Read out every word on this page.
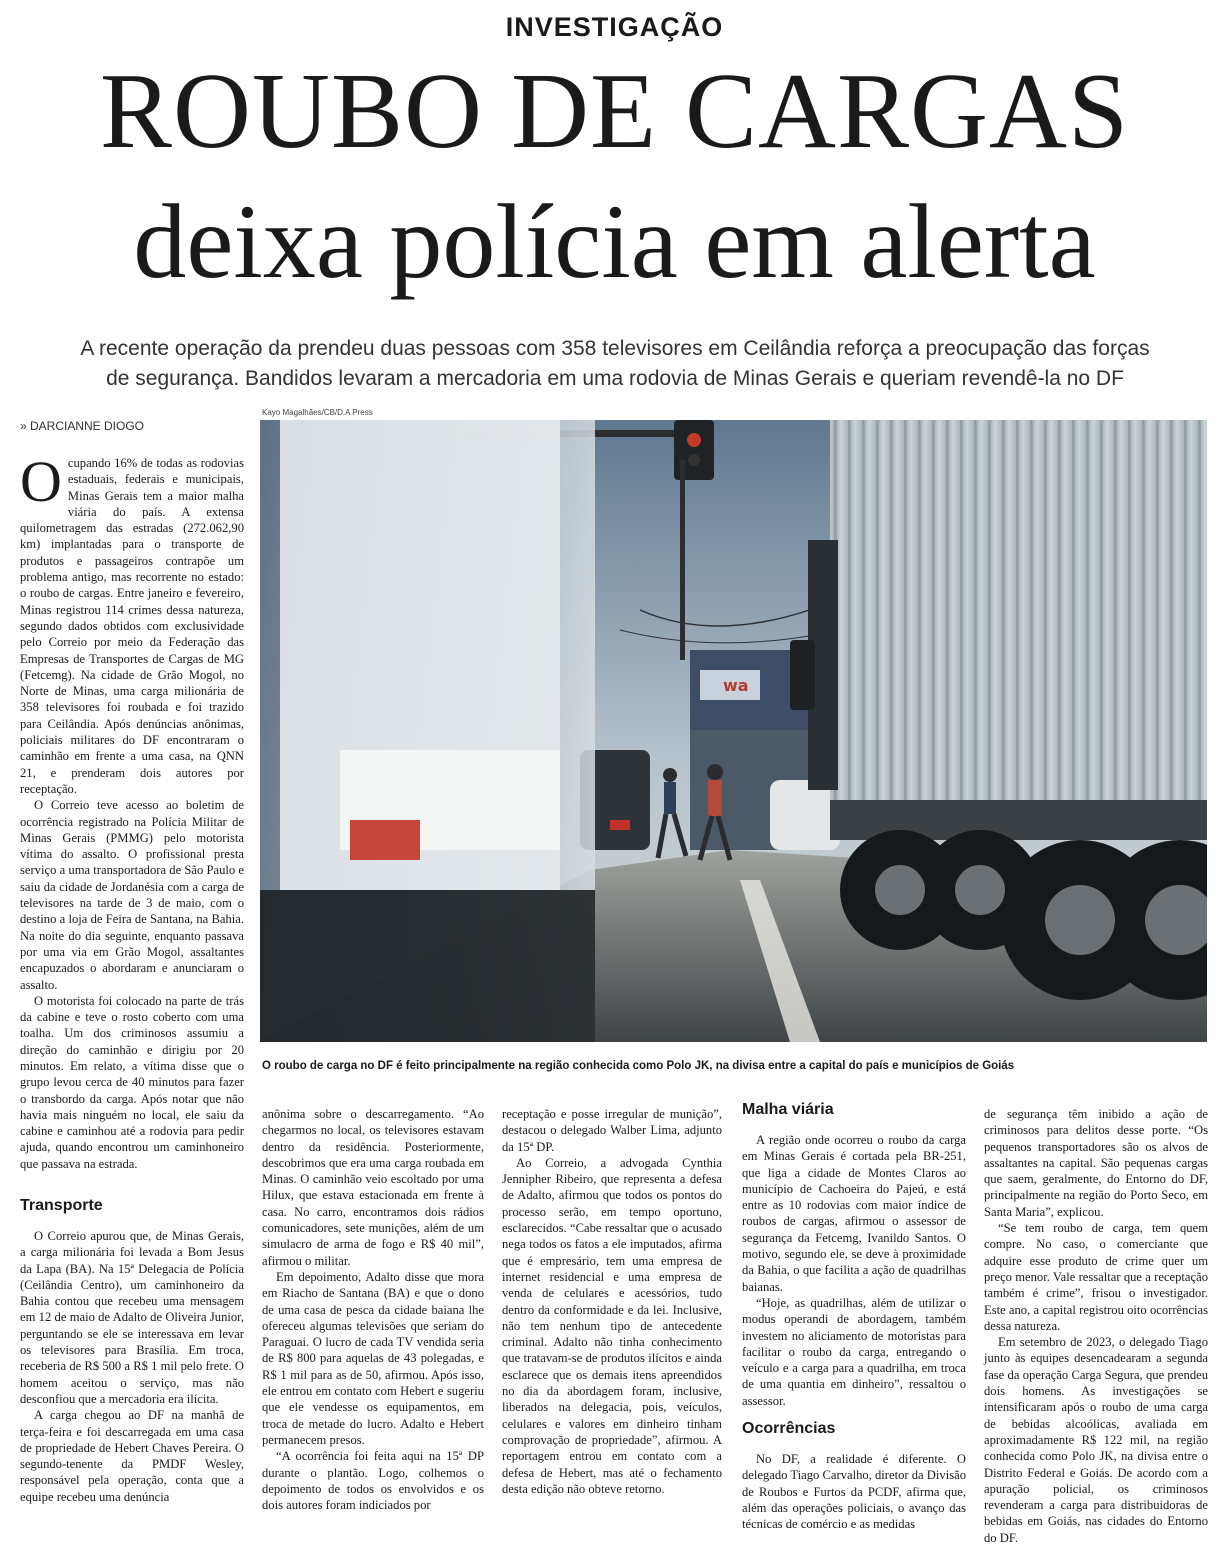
INVESTIGAÇÃO
ROUBO DE CARGAS
deixa polícia em alerta
A recente operação da prendeu duas pessoas com 358 televisores em Ceilândia reforça a preocupação das forças
de segurança. Bandidos levaram a mercadoria em uma rodovia de Minas Gerais e queriam revendê-la no DF
» DARCIANNE DIOGO
Kayo Magalhães/CB/D.A Press
wa
O roubo de carga no DF é feito principalmente na região conhecida como Polo JK, na divisa entre a capital do país e municípios de Goiás
O cupando 16% de todas as rodovias estaduais, federais e municipais, Minas Gerais tem a maior malha viária do país. A extensa quilometragem das estradas (272.062,90 km) implantadas para o transporte de produtos e passageiros contrapõe um problema antigo, mas recorrente no estado: o roubo de cargas. Entre janeiro e fevereiro, Minas registrou 114 crimes dessa natureza, segundo dados obtidos com exclusividade pelo Correio por meio da Federação das Empresas de Transportes de Cargas de MG (Fetcemg). Na cidade de Grão Mogol, no Norte de Minas, uma carga milionária de 358 televisores foi roubada e foi trazido para Ceilândia. Após denúncias anônimas, policiais militares do DF encontraram o caminhão em frente a uma casa, na QNN 21, e prenderam dois autores por receptação.

O Correio teve acesso ao boletim de ocorrência registrado na Polícia Militar de Minas Gerais (PMMG) pelo motorista vítima do assalto. O profissional presta serviço a uma transportadora de São Paulo e saiu da cidade de Jordanésia com a carga de televisores na tarde de 3 de maio, com o destino a loja de Feira de Santana, na Bahia. Na noite do dia seguinte, enquanto passava por uma via em Grão Mogol, assaltantes encapuzados o abordaram e anunciaram o assalto.

O motorista foi colocado na parte de trás da cabine e teve o rosto coberto com uma toalha. Um dos criminosos assumiu a direção do caminhão e dirigiu por 20 minutos. Em relato, a vítima disse que o grupo levou cerca de 40 minutos para fazer o transbordo da carga. Após notar que não havia mais ninguém no local, ele saiu da cabine e caminhou até a rodovia para pedir ajuda, quando encontrou um caminhoneiro que passava na estrada.

Transporte

O Correio apurou que, de Minas Gerais, a carga milionária foi levada a Bom Jesus da Lapa (BA). Na 15ª Delegacia de Polícia (Ceilândia Centro), um caminhoneiro da Bahia contou que recebeu uma mensagem em 12 de maio de Adalto de Oliveira Junior, perguntando se ele se interessava em levar os televisores para Brasília. Em troca, receberia de R$ 500 a R$ 1 mil pelo frete. O homem aceitou o serviço, mas não desconfiou que a mercadoria era ilícita.

A carga chegou ao DF na manhã de terça-feira e foi descarregada em uma casa de propriedade de Hebert Chaves Pereira. O segundo-tenente da PMDF Wesley, responsável pela operação, conta que a equipe recebeu uma denúncia

anônima sobre o descarregamento. “Ao chegarmos no local, os televisores estavam dentro da residência. Posteriormente, descobrimos que era uma carga roubada em Minas. O caminhão veio escoltado por uma Hilux, que estava estacionada em frente à casa. No carro, encontramos dois rádios comunicadores, sete munições, além de um simulacro de arma de fogo e R$ 40 mil”, afirmou o militar.

Em depoimento, Adalto disse que mora em Riacho de Santana (BA) e que o dono de uma casa de pesca da cidade baiana lhe ofereceu algumas televisões que seriam do Paraguai. O lucro de cada TV vendida seria de R$ 800 para aquelas de 43 polegadas, e R$ 1 mil para as de 50, afirmou. Após isso, ele entrou em contato com Hebert e sugeriu que ele vendesse os equipamentos, em troca de metade do lucro. Adalto e Hebert permanecem presos.

“A ocorrência foi feita aqui na 15ª DP durante o plantão. Logo, colhemos o depoimento de todos os envolvidos e os dois autores foram indiciados por

receptação e posse irregular de munição”, destacou o delegado Walber Lima, adjunto da 15ª DP.

Ao Correio, a advogada Cynthia Jennipher Ribeiro, que representa a defesa de Adalto, afirmou que todos os pontos do processo serão, em tempo oportuno, esclarecidos. “Cabe ressaltar que o acusado nega todos os fatos a ele imputados, afirma que é empresário, tem uma empresa de internet residencial e uma empresa de venda de celulares e acessórios, tudo dentro da conformidade e da lei. Inclusive, não tem nenhum tipo de antecedente criminal. Adalto não tinha conhecimento que tratavam-se de produtos ilícitos e ainda esclarece que os demais itens apreendidos no dia da abordagem foram, inclusive, liberados na delegacia, pois, veículos, celulares e valores em dinheiro tinham comprovação de propriedade”, afirmou. A reportagem entrou em contato com a defesa de Hebert, mas até o fechamento desta edição não obteve retorno.

Malha viária

A região onde ocorreu o roubo da carga em Minas Gerais é cortada pela BR-251, que liga a cidade de Montes Claros ao município de Cachoeira do Pajeú, e está entre as 10 rodovias com maior índice de roubos de cargas, afirmou o assessor de segurança da Fetcemg, Ivanildo Santos. O motivo, segundo ele, se deve à proximidade da Bahia, o que facilita a ação de quadrilhas baianas.

“Hoje, as quadrilhas, além de utilizar o modus operandi de abordagem, também investem no aliciamento de motoristas para facilitar o roubo da carga, entregando o veículo e a carga para a quadrilha, em troca de uma quantia em dinheiro”, ressaltou o assessor.

Ocorrências

No DF, a realidade é diferente. O delegado Tiago Carvalho, diretor da Divisão de Roubos e Furtos da PCDF, afirma que, além das operações policiais, o avanço das técnicas de comércio e as medidas

de segurança têm inibido a ação de criminosos para delitos desse porte. “Os pequenos transportadores são os alvos de assaltantes na capital. São pequenas cargas que saem, geralmente, do Entorno do DF, principalmente na região do Porto Seco, em Santa Maria”, explicou.

“Se tem roubo de carga, tem quem compre. No caso, o comerciante que adquire esse produto de crime quer um preço menor. Vale ressaltar que a receptação também é crime”, frisou o investigador. Este ano, a capital registrou oito ocorrências dessa natureza.

Em setembro de 2023, o delegado Tiago junto às equipes desencadearam a segunda fase da operação Carga Segura, que prendeu dois homens. As investigações se intensificaram após o roubo de uma carga de bebidas alcoólicas, avaliada em aproximadamente R$ 122 mil, na região conhecida como Polo JK, na divisa entre o Distrito Federal e Goiás. De acordo com a apuração policial, os criminosos revenderam a carga para distribuidoras de bebidas em Goiás, nas cidades do Entorno do DF.
